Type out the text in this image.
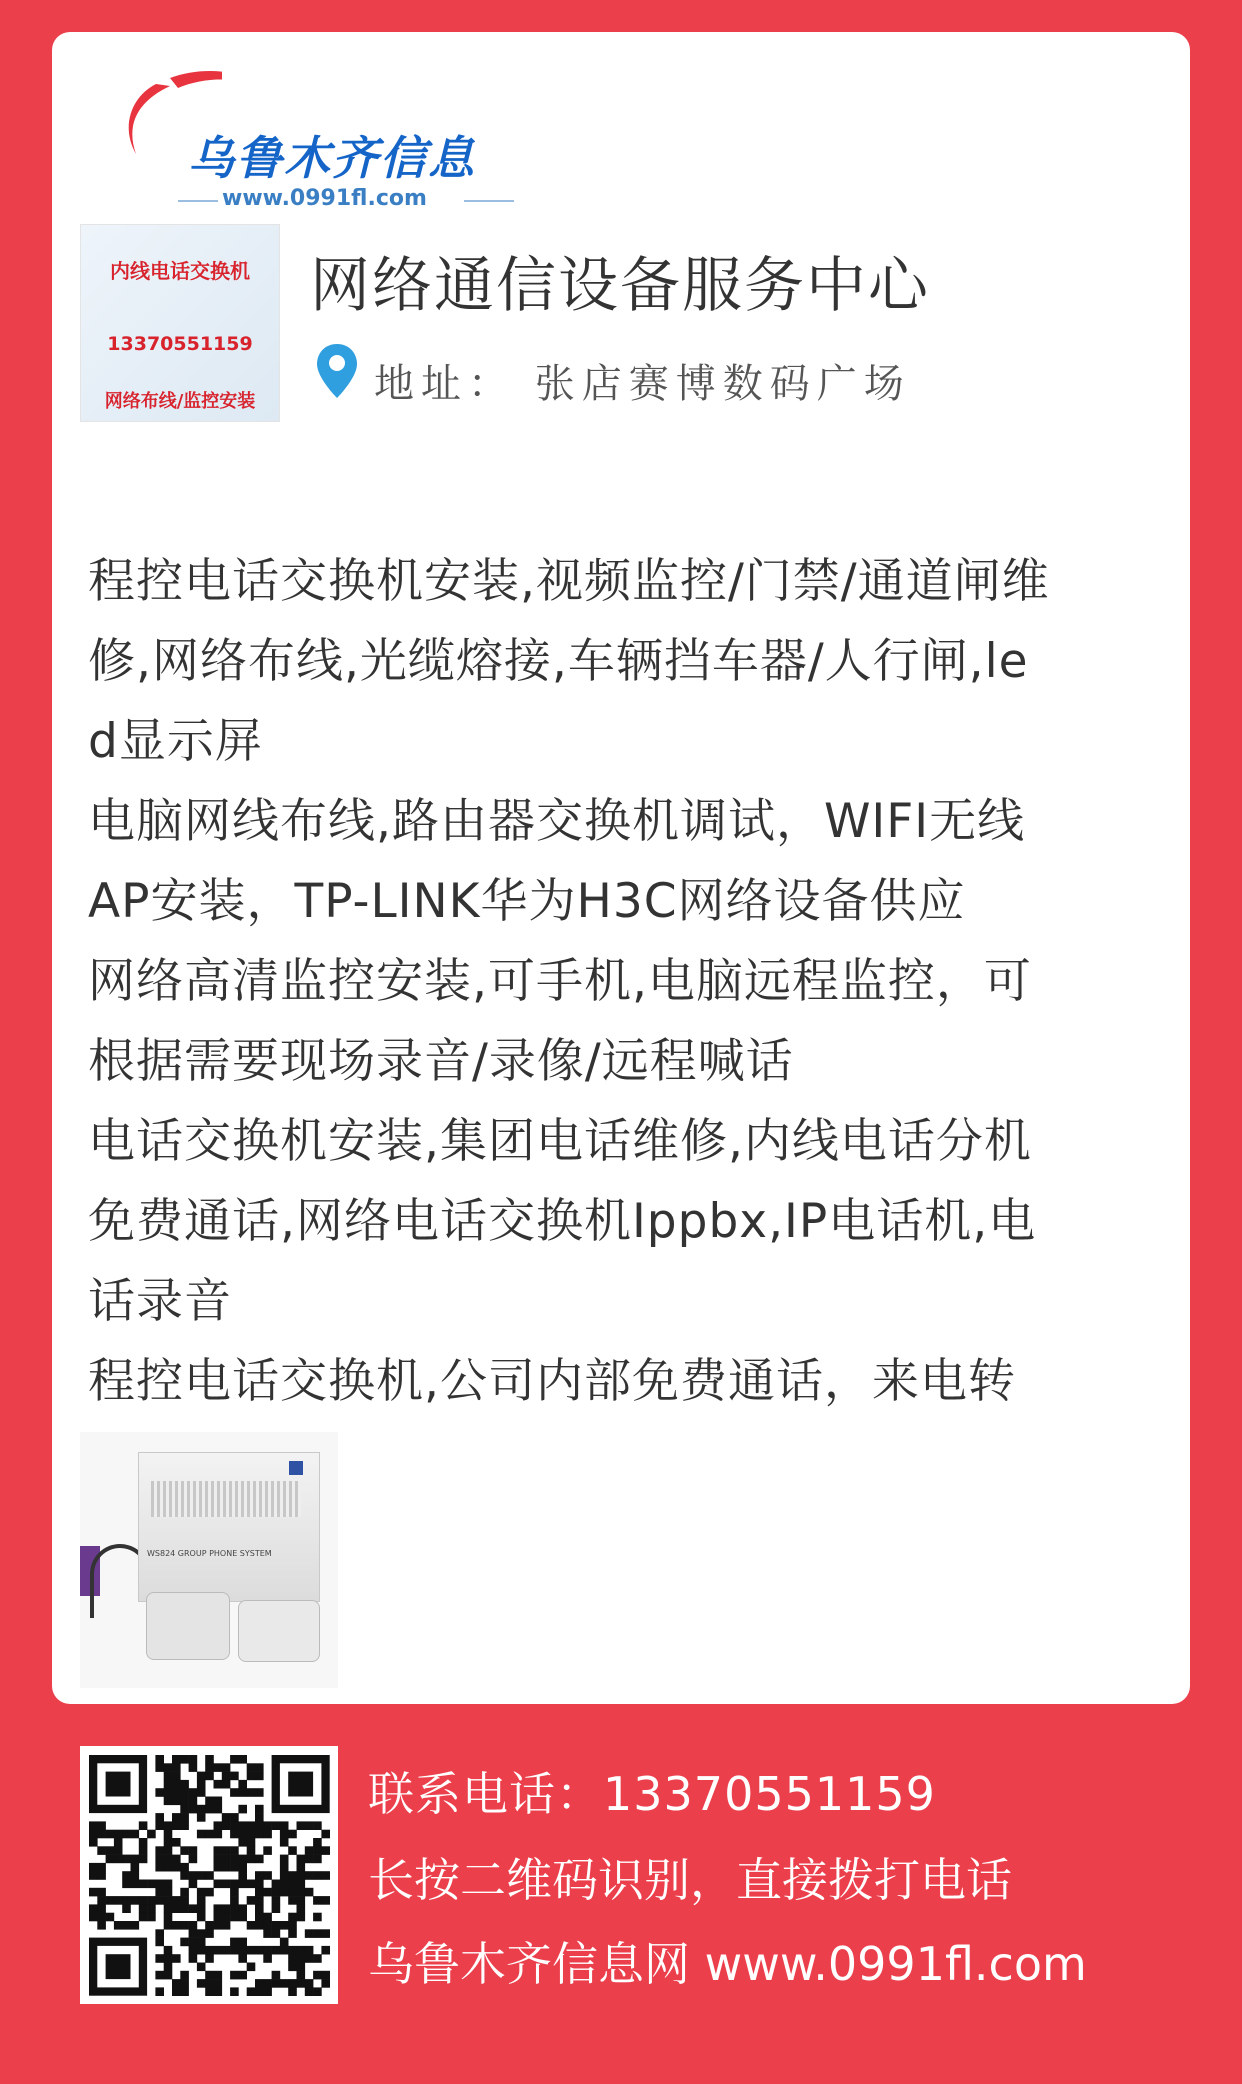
乌鲁木齐信息
www.0991fl.com
内线电话交换机
13370551159
网络布线/监控安装
网络通信设备服务中心
地址： 张店赛博数码广场
程控电话交换机安装,视频监控/门禁/通道闸维
修,网络布线,光缆熔接,车辆挡车器/人行闸,le
d显示屏
电脑网线布线,路由器交换机调试，WIFI无线
AP安装，TP-LINK华为H3C网络设备供应
网络高清监控安装,可手机,电脑远程监控，可
根据需要现场录音/录像/远程喊话
电话交换机安装,集团电话维修,内线电话分机
免费通话,网络电话交换机Ippbx,IP电话机,电
话录音
程控电话交换机,公司内部免费通话，来电转
WS824 GROUP PHONE SYSTEM
联系电话：13370551159
长按二维码识别，直接拨打电话
乌鲁木齐信息网 www.0991fl.com
